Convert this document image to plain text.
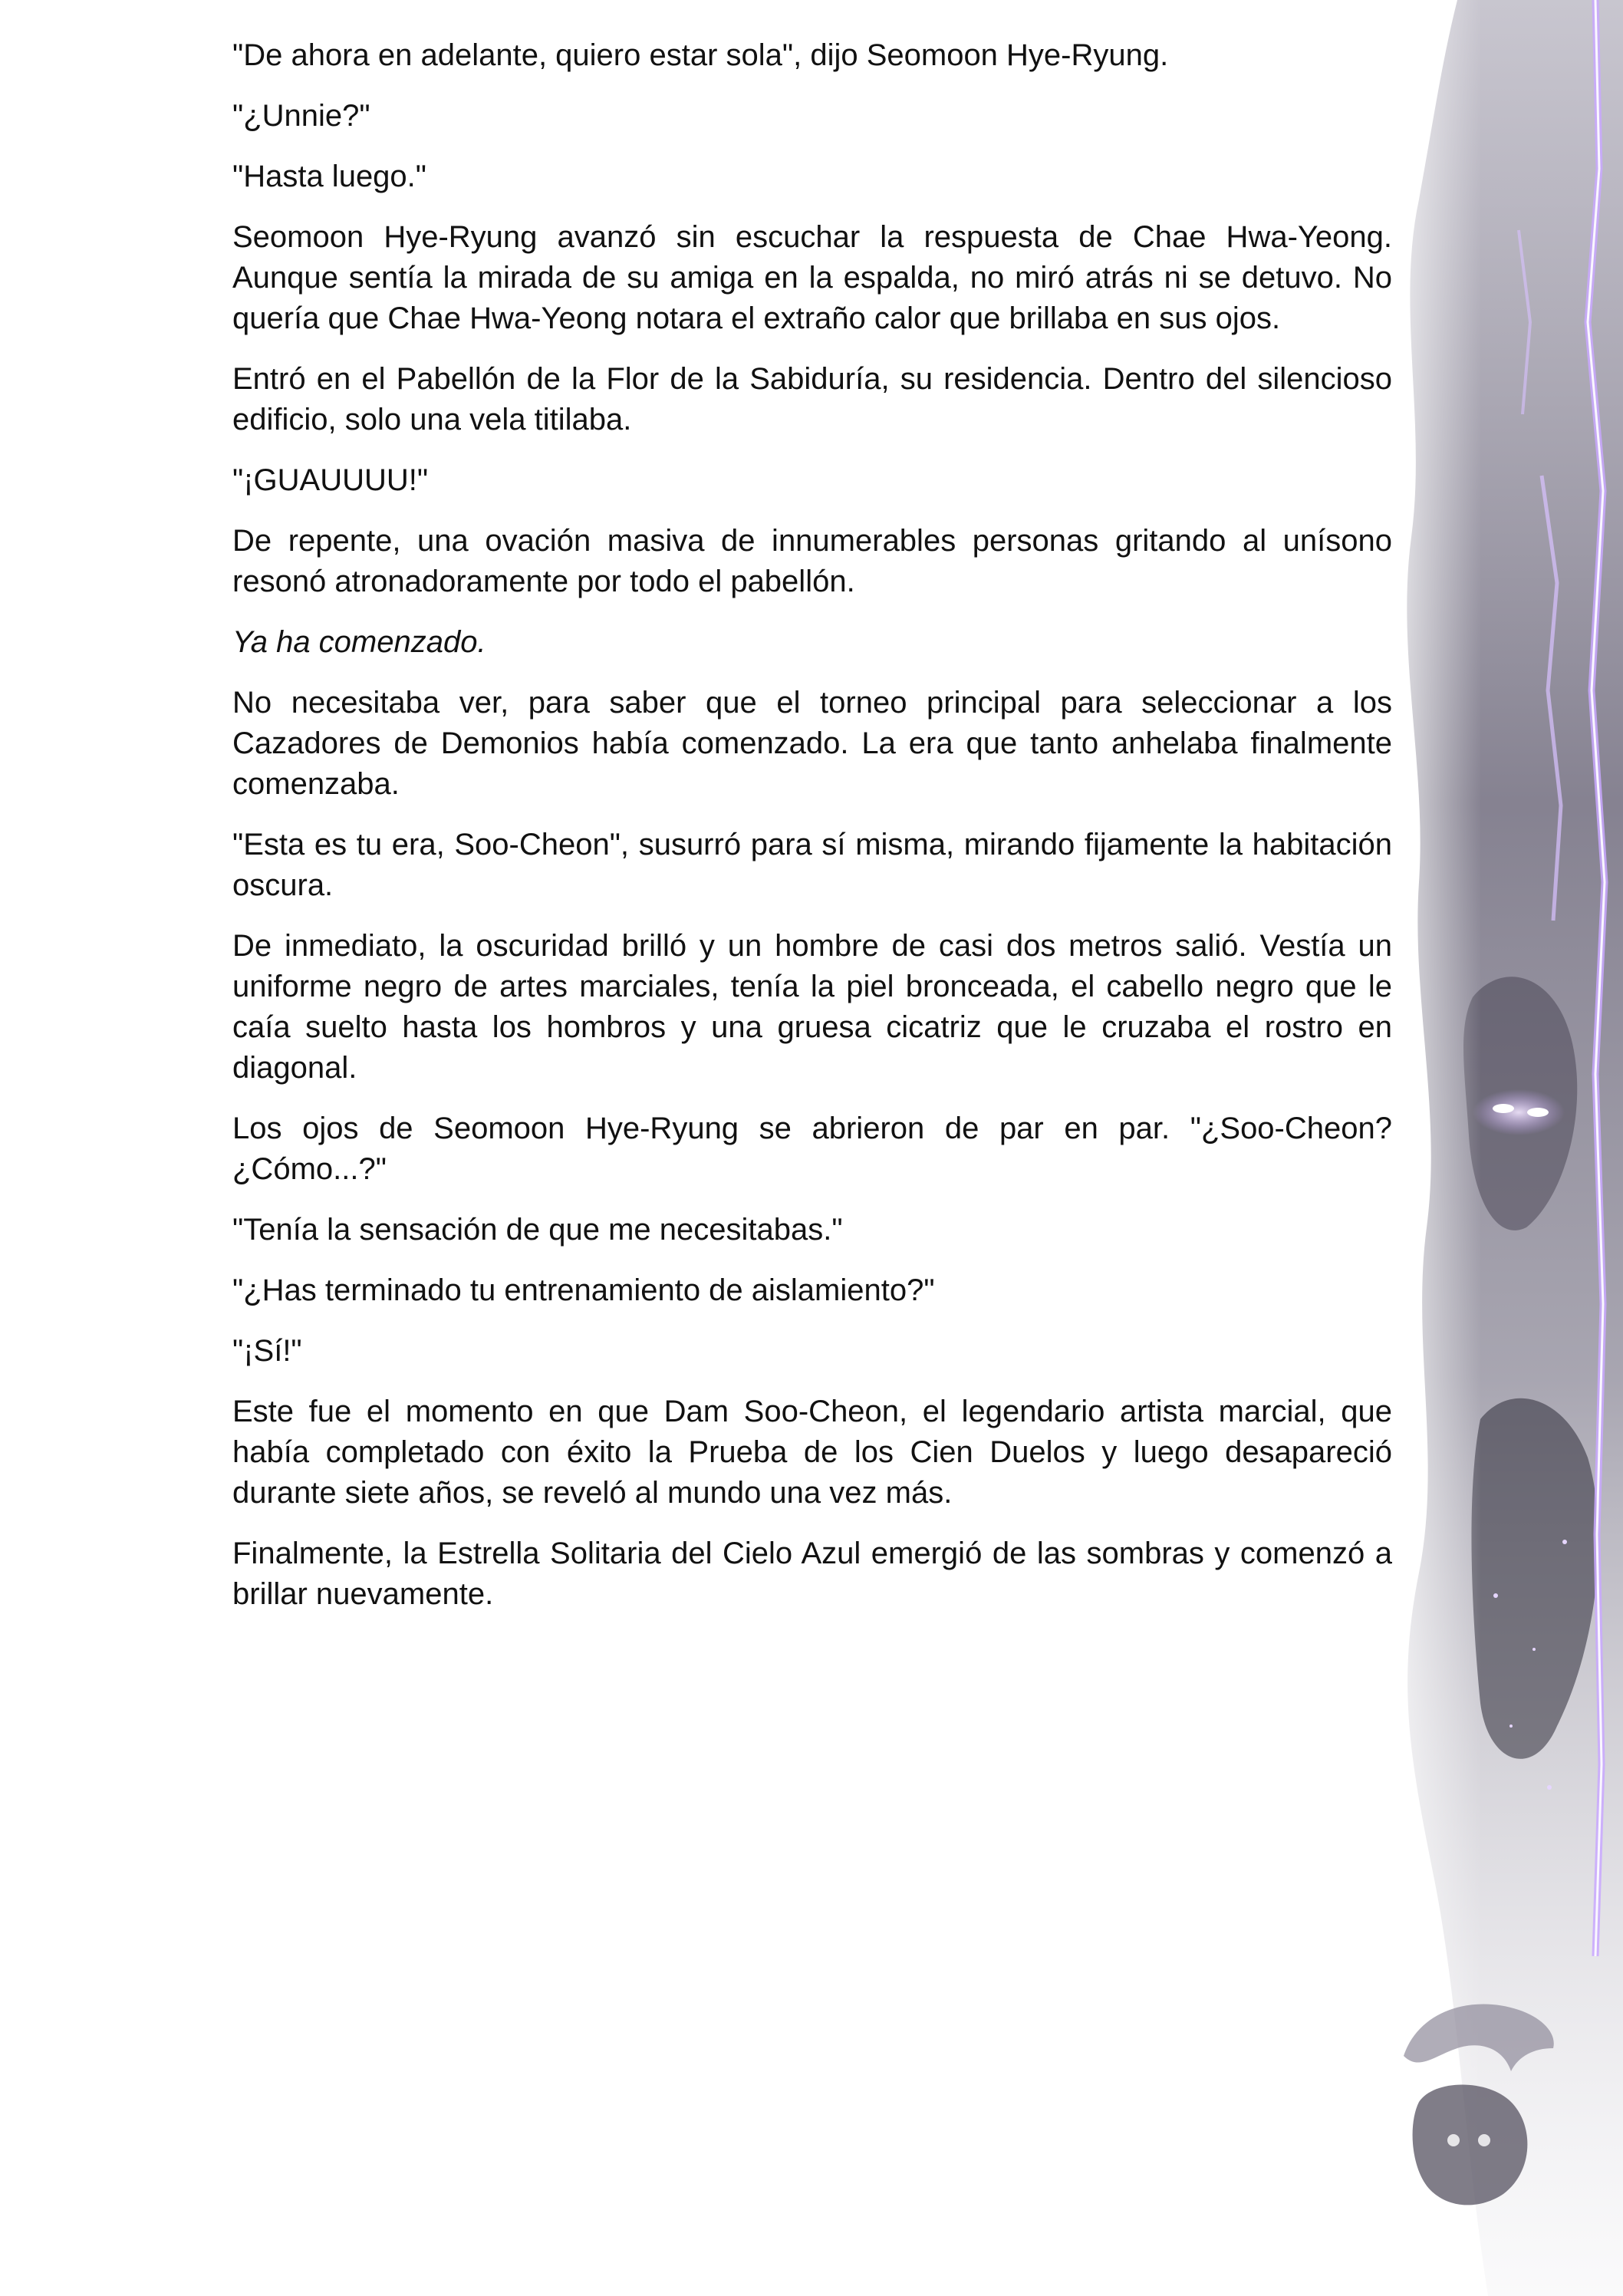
"De ahora en adelante, quiero estar sola", dijo Seomoon Hye-Ryung.

"¿Unnie?"

"Hasta luego."

Seomoon Hye-Ryung avanzó sin escuchar la respuesta de Chae Hwa-Yeong. Aunque sentía la mirada de su amiga en la espalda, no miró atrás ni se detuvo. No quería que Chae Hwa-Yeong notara el extraño calor que brillaba en sus ojos.

Entró en el Pabellón de la Flor de la Sabiduría, su residencia. Dentro del silencioso edificio, solo una vela titilaba.

"¡GUAUUUU!"

De repente, una ovación masiva de innumerables personas gritando al unísono resonó atronadoramente por todo el pabellón.

Ya ha comenzado.

No necesitaba ver, para saber que el torneo principal para seleccionar a los Cazadores de Demonios había comenzado. La era que tanto anhelaba finalmente comenzaba.

"Esta es tu era, Soo-Cheon", susurró para sí misma, mirando fijamente la habitación oscura.

De inmediato, la oscuridad brilló y un hombre de casi dos metros salió. Vestía un uniforme negro de artes marciales, tenía la piel bronceada, el cabello negro que le caía suelto hasta los hombros y una gruesa cicatriz que le cruzaba el rostro en diagonal.

Los ojos de Seomoon Hye-Ryung se abrieron de par en par. "¿Soo-Cheon? ¿Cómo...?"

"Tenía la sensación de que me necesitabas."

"¿Has terminado tu entrenamiento de aislamiento?"

"¡Sí!"

Este fue el momento en que Dam Soo-Cheon, el legendario artista marcial, que había completado con éxito la Prueba de los Cien Duelos y luego desapareció durante siete años, se reveló al mundo una vez más.

Finalmente, la Estrella Solitaria del Cielo Azul emergió de las sombras y comenzó a brillar nuevamente.
